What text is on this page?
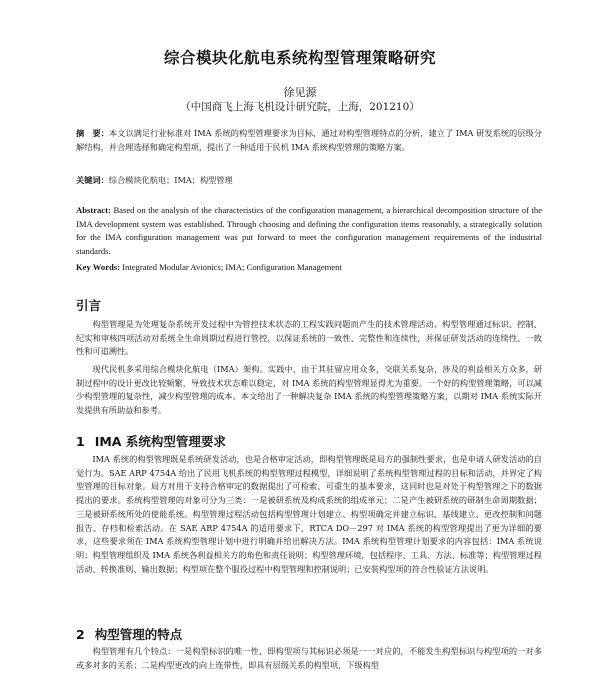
综合模块化航电系统构型管理策略研究
徐见源
（中国商飞上海飞机设计研究院，上海，201210）

摘　要：本文以满足行业标准对 IMA 系统的构型管理要求为目标，通过对构型管理特点的分析，建立了 IMA 研发系统的层级分解结构，并合理选择和确定构型项，提出了一种适用于民机 IMA 系统构型管理的策略方案。

关键词：综合模块化航电；IMA；构型管理

Abstract: Based on the analysis of the characteristics of the configuration management, a hierarchical decomposition structure of the IMA development system was established. Through choosing and defining the configuration items reasonably, a strategically solution for the IMA configuration management was put forward to meet the configuration management requirements of the industrial standards.

Key Words: Integrated Modular Avionics; IMA; Configuration Management

引言

构型管理是为处理复杂系统开发过程中为管控技术状态的工程实践问题而产生的技术管理活动。构型管理通过标识、控制、纪实和审核四项活动对系统全生命周期过程进行管控，以保证系统的一致性、完整性和连续性，并保证研发活动的连续性、一致性和可追溯性。

现代民机多采用综合模块化航电（IMA）架构。实践中，由于其驻留应用众多，交联关系复杂，涉及的利益相关方众多，研制过程中的设计更改比较频繁，导致技术状态难以稳定，对 IMA 系统的构型管理显得尤为重要。一个好的构型管理策略，可以减少构型管理的复杂性，减少构型管理的成本。本文给出了一种解决复杂 IMA 系统的构型管理策略方案，以期对 IMA 系统实际开发提供有所助益和参考。

1 IMA 系统构型管理要求

IMA 系统的构型管理既是系统研发活动，也是合格审定活动，即构型管理既是局方的强制性要求，也是申请人研发活动的自觉行为。SAE ARP 4754A 给出了民用飞机系统的构型管理过程模型，详细说明了系统构型管理过程的目标和活动，并界定了构型管理的目标对象。局方对用于支持合格审定的数据提出了可检索、可重生的基本要求，这同时也是对处于构型管理之下的数据提出的要求。系统构型管理的对象可分为三类：一是被研系统及构成系统的组成单元；二是产生被研系统的研制生命周期数据；三是被研系统所处的使能系统。构型管理过程活动包括构型管理计划建立、构型项确定并建立标识、基线建立、更改控制和问题报告、存档和检索活动。在 SAE ARP 4754A 的适用要求下，RTCA DO－297 对 IMA 系统的构型管理提出了更为详细的要求，这些要求须在 IMA 系统构型管理计划中进行明确并给出解决方法。IMA 系统构型管理计划要求的内容包括：IMA 系统说明；构型管理组织及 IMA 系统各利益相关方的角色和责任说明；构型管理环境，包括程序、工具、方法、标准等；构型管理过程活动、转换准则、输出数据；构型项在整个服役过程中构型管理和控制说明；已安装构型项的符合性验证方法说明。

2 构型管理的特点

构型管理有几个特点：一是构型标识的唯一性，即构型项与其标识必须是一一对应的，不能发生构型标识与构型项的一对多或多对多的关系；二是构型更改的向上连带性，即具有层级关系的构型项，下级构型
